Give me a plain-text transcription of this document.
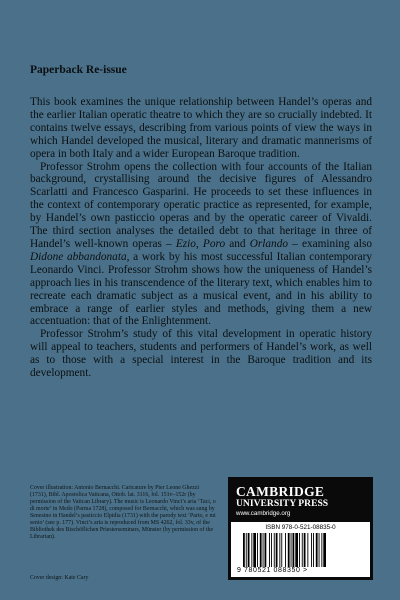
Paperback Re-issue

This book examines the unique relationship between Handel’s operas and the earlier Italian operatic theatre to which they are so crucially indebted. It contains twelve essays, describing from various points of view the ways in which Handel developed the musical, literary and dramatic mannerisms of opera in both Italy and a wider European Baroque tradition.

Professor Strohm opens the collection with four accounts of the Italian background, crystallising around the decisive figures of Alessandro Scarlatti and Francesco Gasparini. He proceeds to set these influences in the context of contemporary operatic practice as represented, for example, by Handel’s own pasticcio operas and by the operatic career of Vivaldi. The third section analyses the detailed debt to that heritage in three of Handel’s well-known operas – Ezio, Poro and Orlando – examining also Didone abbandonata, a work by his most successful Italian contemporary Leonardo Vinci. Professor Strohm shows how the uniqueness of Handel’s approach lies in his transcendence of the literary text, which enables him to recreate each dramatic subject as a musical event, and in his ability to embrace a range of earlier styles and methods, giving them a new accentuation: that of the Enlightenment.

Professor Strohm’s study of this vital development in operatic history will appeal to teachers, students and performers of Handel’s work, as well as to those with a special interest in the Baroque tradition and its development.

Cover illustration: Antonio Bernacchi. Caricature by Pier Leone Ghezzi (1731), Bibl. Apostolica Vaticana, Ottob. lat. 3116, fol. 151v–152r (by permission of the Vatican Library). The music is Leonardo Vinci’s aria ‘Taci, o di morte’ in Medo (Parma 1728), composed for Bernacchi, which was sung by Senesino in Handel’s pasticcio Elpidia (1731) with the parody text ‘Parto, e mi senio’ (see p. 177). Vinci’s aria is reproduced from MS 4262, fol. 33v, of the Bibliothek des Bischöflichen Priesterseminars, Münster (by permission of the Librarian).
Cover design: Kate Cary
CAMBRIDGE
UNIVERSITY PRESS
www.cambridge.org
ISBN 978-0-521-08835-0
9 780521 088350 >
